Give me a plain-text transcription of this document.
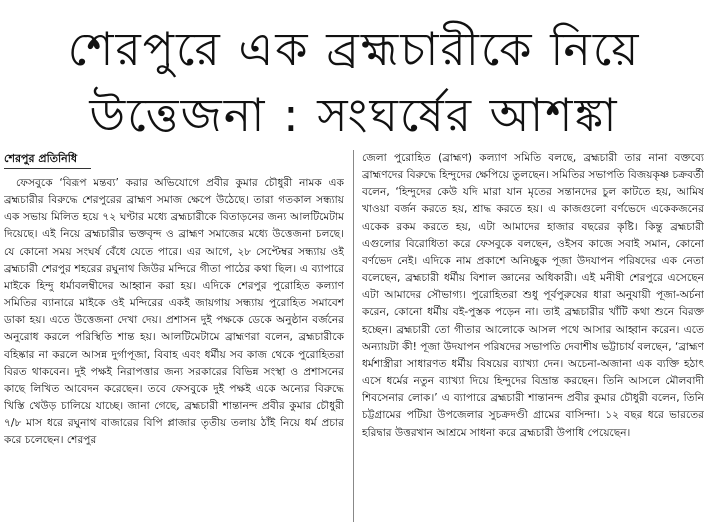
শেরপুরে এক ব্রহ্মচারীকে নিয়ে
উত্তেজনা : সংঘর্ষের আশঙ্কা
শেরপুর প্রতিনিধি

ফেসবুকে ‘বিরূপ মন্তব্য’ করার অভিযোগে প্রবীর কুমার চৌধুরী নামক এক ব্রহ্মচারীর বিরুদ্ধে শেরপুরের ব্রাহ্মণ সমাজ ক্ষেপে উঠেছে। তারা গতকাল সন্ধ্যায় এক সভায় মিলিত হয়ে ৭২ ঘণ্টার মধ্যে ব্রহ্মচারীকে বিতাড়নের জন্য আলটিমেটাম দিয়েছে। এই নিয়ে ব্রহ্মচারীর ভক্তবৃন্দ ও ব্রাহ্মণ সমাজের মধ্যে উত্তেজনা চলছে। যে কোনো সময় সংঘর্ষ বেঁধে যেতে পারে। এর আগে, ২৮ সেপ্টেম্বর সন্ধ্যায় ওই ব্রহ্মচারী শেরপুর শহরের রঘুনাথ জিউর মন্দিরে গীতা পাঠের কথা ছিল। এ ব্যাপারে মাইকে হিন্দু ধর্মাবলম্বীদের আহ্বান করা হয়। এদিকে শেরপুর পুরোহিত কল্যাণ সমিতির ব্যানারে মাইকে ওই মন্দিরের একই জায়গায় সন্ধ্যায় পুরোহিত সমাবেশ ডাকা হয়। এতে উত্তেজনা দেখা দেয়। প্রশাসন দুই পক্ষকে ডেকে অনুষ্ঠান বর্জনের অনুরোধ করলে পরিস্থিতি শান্ত হয়। আলটিমেটামে ব্রাহ্মণরা বলেন, ব্রহ্মচারীকে বহিষ্কার না করলে আসন্ন দুর্গাপূজা, বিবাহ এবং ধর্মীয় সব কাজ থেকে পুরোহিতরা বিরত থাকবেন। দুই পক্ষই নিরাপত্তার জন্য সরকারের বিভিন্ন সংস্থা ও প্রশাসনের কাছে লিখিত আবেদন করেছেন। তবে ফেসবুকে দুই পক্ষই একে অন্যের বিরুদ্ধে খিস্তি খেউড় চালিয়ে যাচ্ছে। জানা গেছে, ব্রহ্মচারী শান্তানন্দ প্রবীর কুমার চৌধুরী ৭/৮ মাস ধরে রঘুনাথ বাজারের বিপি প্লাজার তৃতীয় তলায় ঠাঁই নিয়ে ধর্ম প্রচার করে চলেছেন। শেরপুর

জেলা পুরোহিত (ব্রাহ্মণ) কল্যাণ সমিতি বলছে, ব্রহ্মচারী তার নানা বক্তব্যে ব্রাহ্মণদের বিরুদ্ধে হিন্দুদের ক্ষেপিয়ে তুলছেন। সমিতির সভাপতি বিজয়কৃষ্ণ চক্রবর্তী বলেন, ‘হিন্দুদের কেউ যদি মারা যান মৃতের সন্তানদের চুল কাটতে হয়, আমিষ খাওয়া বর্জন করতে হয়, শ্রাদ্ধ করতে হয়। এ কাজগুলো বর্ণভেদে একেকজনের একেক রকম করতে হয়, এটা আমাদের হাজার বছরের কৃষ্টি। কিন্তু ব্রহ্মচারী এগুলোর বিরোধিতা করে ফেসবুকে বলছেন, ওইসব কাজে সবাই সমান, কোনো বর্ণভেদ নেই। এদিকে নাম প্রকাশে অনিচ্ছুক পূজা উদযাপন পরিষদের এক নেতা বলেছেন, ব্রহ্মচারী ধর্মীয় বিশাল জ্ঞানের অধিকারী। এই মনীষী শেরপুরে এসেছেন এটা আমাদের সৌভাগ্য। পুরোহিতরা শুধু পূর্বপুরুষের ধারা অনুযায়ী পূজা-অর্চনা করেন, কোনো ধর্মীয় বই-পুস্তক পড়েন না। তাই ব্রহ্মচারীর খাঁটি কথা শুনে বিরক্ত হচ্ছেন। ব্রহ্মচারী তো গীতার আলোকে আসল পথে আসার আহ্বান করেন। এতে অন্যায়টা কী! পূজা উদযাপন পরিষদের সভাপতি দেবাশীষ ভট্টাচার্য বলছেন, ‘ব্রাহ্মণ ধর্মশাস্ত্রীরা সাধারণত ধর্মীয় বিষয়ের ব্যাখ্যা দেন। অচেনা-অজানা এক ব্যক্তি হঠাৎ এসে ধর্মের নতুন ব্যাখ্যা দিয়ে হিন্দুদের বিভ্রান্ত করছেন। তিনি আসলে মৌলবাদী শিবসেনার লোক।’ এ ব্যাপারে ব্রহ্মচারী শান্তানন্দ প্রবীর কুমার চৌধুরী বলেন, তিনি চট্টগ্রামের পটিয়া উপজেলার সুচক্রদণ্ডী গ্রামের বাসিন্দা। ১২ বছর ধরে ভারতের হরিদ্বার উত্তরখান আশ্রমে সাধনা করে ব্রহ্মচারী উপাধি পেয়েছেন।
